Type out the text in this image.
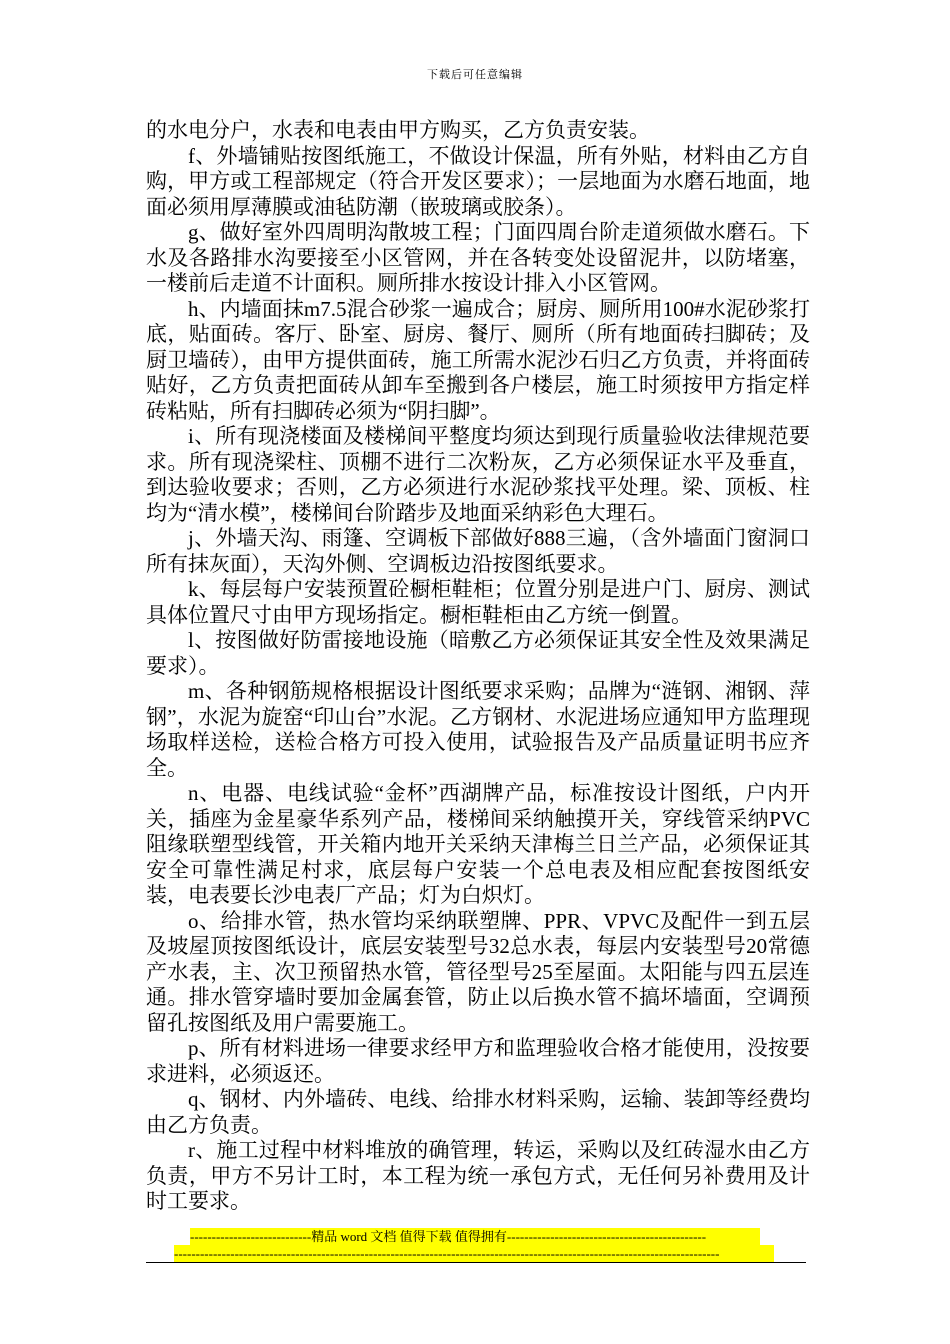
下载后可任意编辑

的水电分户，水表和电表由甲方购买，乙方负责安装。

f、外墙铺贴按图纸施工，不做设计保温，所有外贴，材料由乙方自购，甲方或工程部规定（符合开发区要求）；一层地面为水磨石地面，地面必须用厚薄膜或油毡防潮（嵌玻璃或胶条）。

g、做好室外四周明沟散坡工程；门面四周台阶走道须做水磨石。下水及各路排水沟要接至小区管网，并在各转变处设留泥井，以防堵塞，一楼前后走道不计面积。厕所排水按设计排入小区管网。

h、内墙面抹m7.5混合砂浆一遍成合；厨房、厕所用100#水泥砂浆打底，贴面砖。客厅、卧室、厨房、餐厅、厕所（所有地面砖扫脚砖；及厨卫墙砖），由甲方提供面砖，施工所需水泥沙石归乙方负责，并将面砖贴好，乙方负责把面砖从卸车至搬到各户楼层，施工时须按甲方指定样砖粘贴，所有扫脚砖必须为“阴扫脚”。

i、所有现浇楼面及楼梯间平整度均须达到现行质量验收法律规范要求。所有现浇梁柱、顶棚不进行二次粉灰，乙方必须保证水平及垂直，到达验收要求；否则，乙方必须进行水泥砂浆找平处理。梁、顶板、柱均为“清水模”，楼梯间台阶踏步及地面采纳彩色大理石。

j、外墙天沟、雨篷、空调板下部做好888三遍，（含外墙面门窗洞口所有抹灰面），天沟外侧、空调板边沿按图纸要求。

k、每层每户安装预置砼橱柜鞋柜；位置分别是进户门、厨房、测试具体位置尺寸由甲方现场指定。橱柜鞋柜由乙方统一倒置。

l、按图做好防雷接地设施（暗敷乙方必须保证其安全性及效果满足要求）。

m、各种钢筋规格根据设计图纸要求采购；品牌为“涟钢、湘钢、萍钢”，水泥为旋窑“印山台”水泥。乙方钢材、水泥进场应通知甲方监理现场取样送检，送检合格方可投入使用，试验报告及产品质量证明书应齐全。

n、电器、电线试验“金杯”西湖牌产品，标准按设计图纸，户内开关，插座为金星豪华系列产品，楼梯间采纳触摸开关，穿线管采纳PVC阻缘联塑型线管，开关箱内地开关采纳天津梅兰日兰产品，必须保证其安全可靠性满足村求，底层每户安装一个总电表及相应配套按图纸安装，电表要长沙电表厂产品；灯为白炽灯。

o、给排水管，热水管均采纳联塑牌、PPR、VPVC及配件一到五层及坡屋顶按图纸设计，底层安装型号32总水表，每层内安装型号20常德产水表，主、次卫预留热水管，管径型号25至屋面。太阳能与四五层连通。排水管穿墙时要加金属套管，防止以后换水管不搞坏墙面，空调预留孔按图纸及用户需要施工。

p、所有材料进场一律要求经甲方和监理验收合格才能使用，没按要求进料，必须返还。

q、钢材、内外墙砖、电线、给排水材料采购，运输、装卸等经费均由乙方负责。

r、施工过程中材料堆放的确管理，转运，采购以及红砖湿水由乙方负责，甲方不另计工时，本工程为统一承包方式，无任何另补费用及计时工要求。

----------------------------精品 word 文档 值得下载 值得拥有----------------------------------------------
------------------------------------------------------------------------------------------------------------------------------
